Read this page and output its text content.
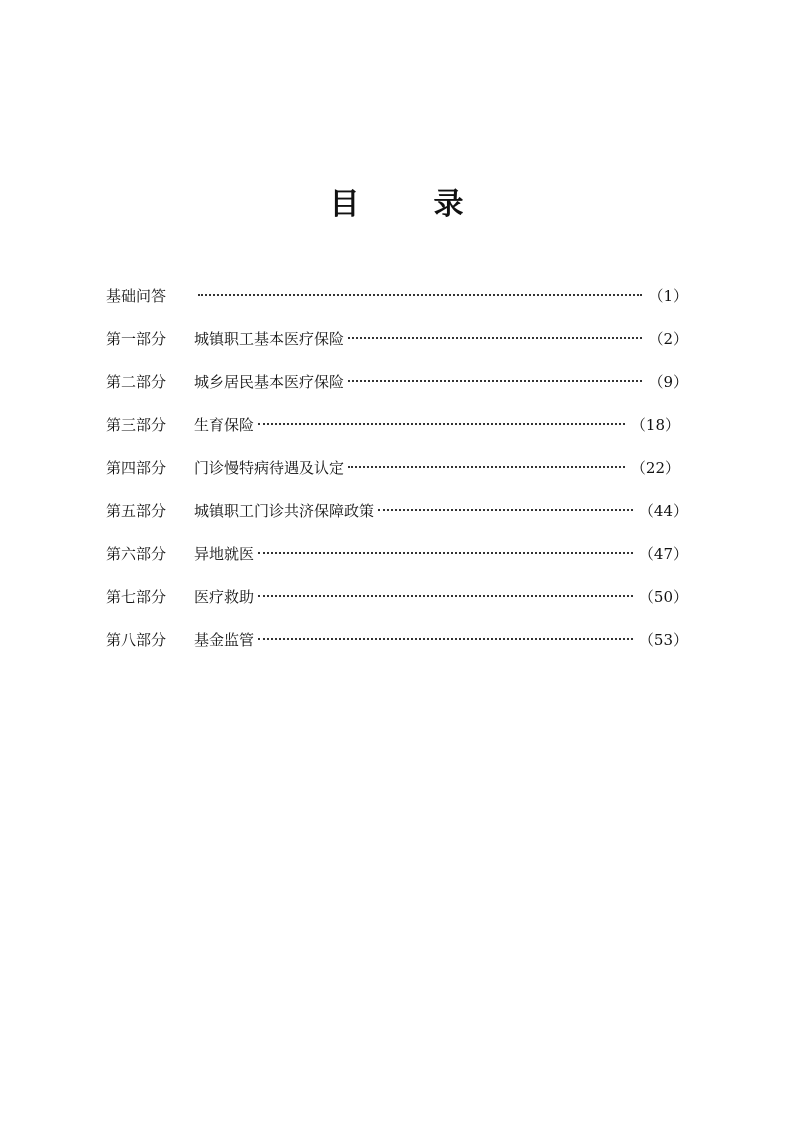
目　录
基础问答	（1）
第一部分	城镇职工基本医疗保险	（2）
第二部分	城乡居民基本医疗保险	（9）
第三部分	生育保险	（18）
第四部分	门诊慢特病待遇及认定	（22）
第五部分	城镇职工门诊共济保障政策	（44）
第六部分	异地就医	（47）
第七部分	医疗救助	（50）
第八部分	基金监管	（53）
